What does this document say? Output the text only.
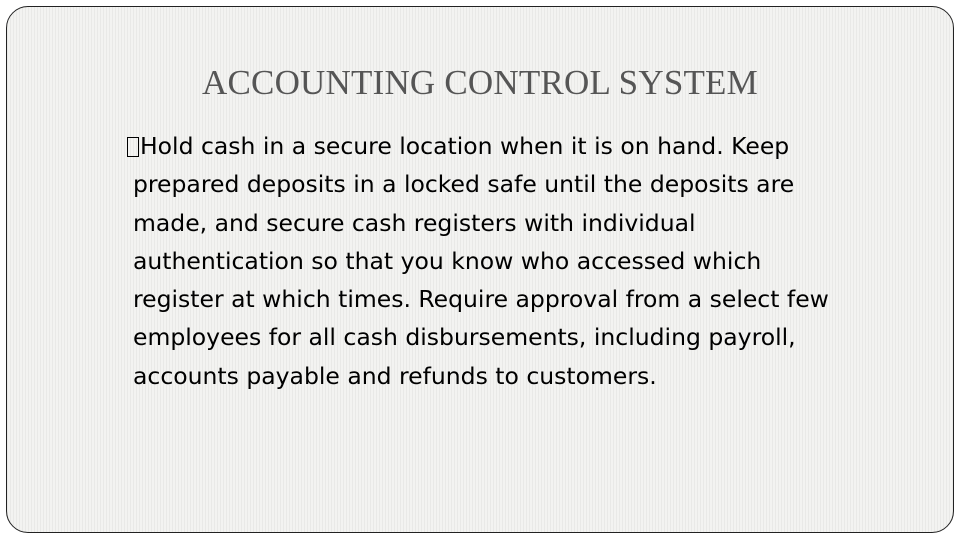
ACCOUNTING CONTROL SYSTEM
Hold cash in a secure location when it is on hand. Keep
prepared deposits in a locked safe until the deposits are
made, and secure cash registers with individual
authentication so that you know who accessed which
register at which times. Require approval from a select few
employees for all cash disbursements, including payroll,
accounts payable and refunds to customers.
